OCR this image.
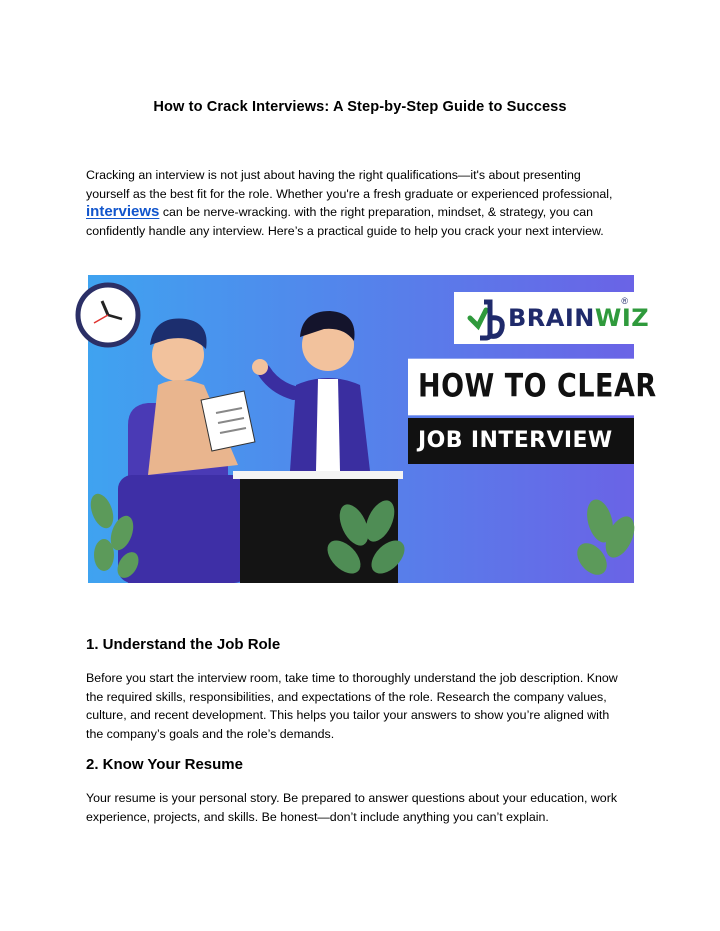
How to Crack Interviews: A Step-by-Step Guide to Success

Cracking an interview is not just about having the right qualifications—it's about presenting yourself as the best fit for the role. Whether you're a fresh graduate or experienced professional, interviews can be nerve-wracking. with the right preparation, mindset, & strategy, you can confidently handle any interview. Here’s a practical guide to help you crack your next interview.

BRAINWIZ
®
HOW TO CLEAR
JOB INTERVIEW
1. Understand the Job Role

Before you start the interview room, take time to thoroughly understand the job description. Know the required skills, responsibilities, and expectations of the role. Research the company values, culture, and recent development. This helps you tailor your answers to show you’re aligned with the company’s goals and the role’s demands.

2. Know Your Resume

Your resume is your personal story. Be prepared to answer questions about your education, work experience, projects, and skills. Be honest—don’t include anything you can’t explain.
